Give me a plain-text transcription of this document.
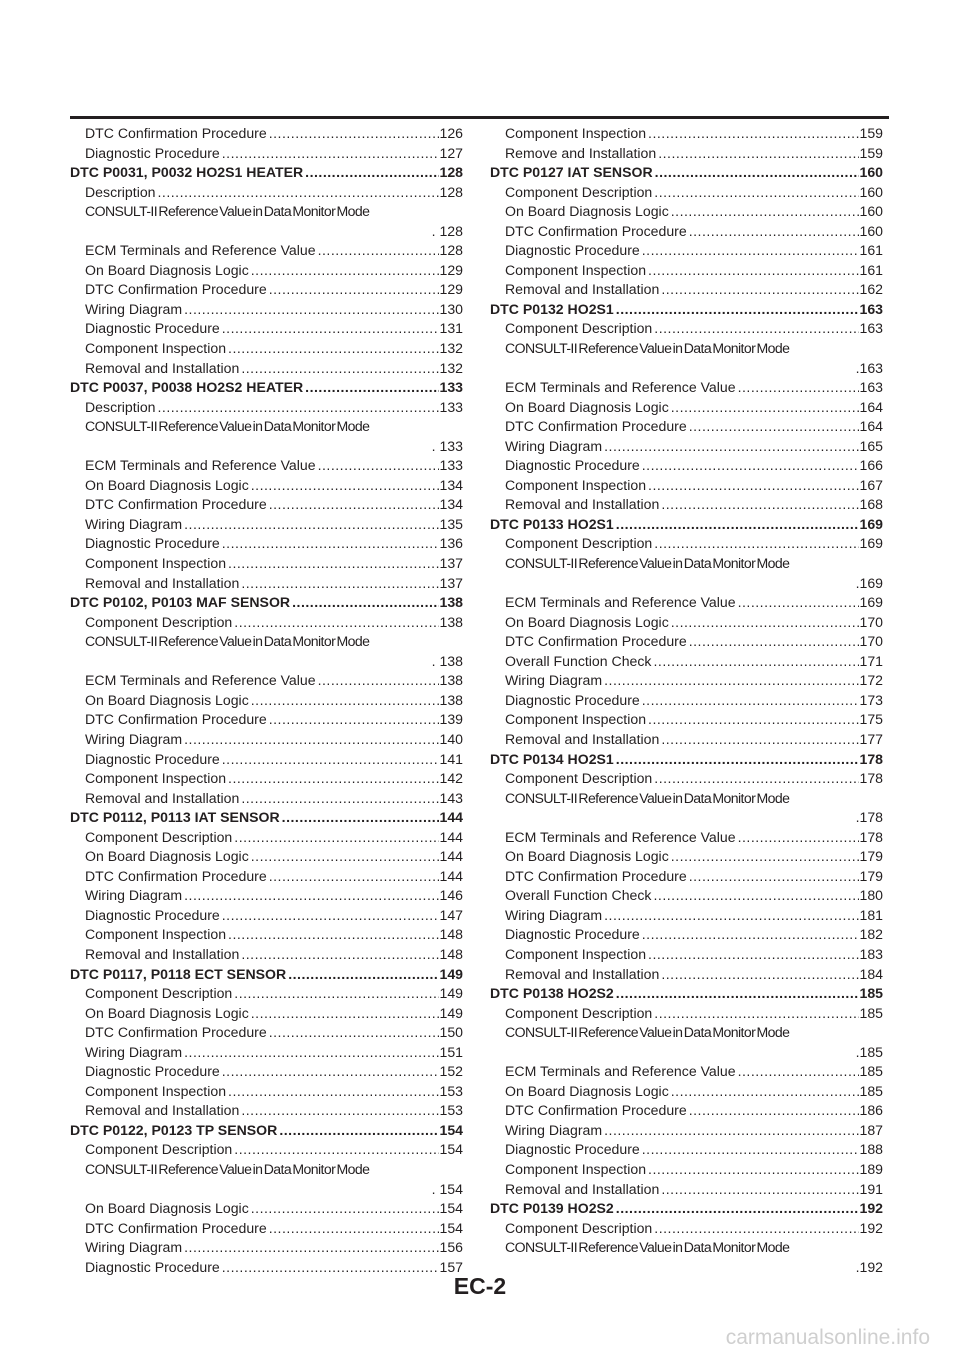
DTC Confirmation Procedure .....	126
Diagnostic Procedure .....	127
DTC P0031, P0032 HO2S1 HEATER .....	128
Description .....	128
CONSULT-II Reference Value in Data Monitor Mode
. 128
ECM Terminals and Reference Value .....	128
On Board Diagnosis Logic .....	129
DTC Confirmation Procedure .....	129
Wiring Diagram .....	130
Diagnostic Procedure .....	131
Component Inspection .....	132
Removal and Installation .....	132
DTC P0037, P0038 HO2S2 HEATER .....	133
Description .....	133
CONSULT-II Reference Value in Data Monitor Mode
. 133
ECM Terminals and Reference Value .....	133
On Board Diagnosis Logic .....	134
DTC Confirmation Procedure .....	134
Wiring Diagram .....	135
Diagnostic Procedure .....	136
Component Inspection .....	137
Removal and Installation .....	137
DTC P0102, P0103 MAF SENSOR .....	138
Component Description .....	138
CONSULT-II Reference Value in Data Monitor Mode
. 138
ECM Terminals and Reference Value .....	138
On Board Diagnosis Logic .....	138
DTC Confirmation Procedure .....	139
Wiring Diagram .....	140
Diagnostic Procedure .....	141
Component Inspection .....	142
Removal and Installation .....	143
DTC P0112, P0113 IAT SENSOR .....	144
Component Description .....	144
On Board Diagnosis Logic .....	144
DTC Confirmation Procedure .....	144
Wiring Diagram .....	146
Diagnostic Procedure .....	147
Component Inspection .....	148
Removal and Installation .....	148
DTC P0117, P0118 ECT SENSOR .....	149
Component Description .....	149
On Board Diagnosis Logic .....	149
DTC Confirmation Procedure .....	150
Wiring Diagram .....	151
Diagnostic Procedure .....	152
Component Inspection .....	153
Removal and Installation .....	153
DTC P0122, P0123 TP SENSOR .....	154
Component Description .....	154
CONSULT-II Reference Value in Data Monitor Mode
. 154
On Board Diagnosis Logic .....	154
DTC Confirmation Procedure .....	154
Wiring Diagram .....	156
Diagnostic Procedure .....	157
Component Inspection .....	159
Remove and Installation .....	159
DTC P0127 IAT SENSOR .....	160
Component Description .....	160
On Board Diagnosis Logic .....	160
DTC Confirmation Procedure .....	160
Diagnostic Procedure .....	161
Component Inspection .....	161
Removal and Installation .....	162
DTC P0132 HO2S1 .....	163
Component Description .....	163
CONSULT-II Reference Value in Data Monitor Mode
.163
ECM Terminals and Reference Value .....	163
On Board Diagnosis Logic .....	164
DTC Confirmation Procedure .....	164
Wiring Diagram .....	165
Diagnostic Procedure .....	166
Component Inspection .....	167
Removal and Installation .....	168
DTC P0133 HO2S1 .....	169
Component Description .....	169
CONSULT-II Reference Value in Data Monitor Mode
.169
ECM Terminals and Reference Value .....	169
On Board Diagnosis Logic .....	170
DTC Confirmation Procedure .....	170
Overall Function Check .....	171
Wiring Diagram .....	172
Diagnostic Procedure .....	173
Component Inspection .....	175
Removal and Installation .....	177
DTC P0134 HO2S1 .....	178
Component Description .....	178
CONSULT-II Reference Value in Data Monitor Mode
.178
ECM Terminals and Reference Value .....	178
On Board Diagnosis Logic .....	179
DTC Confirmation Procedure .....	179
Overall Function Check .....	180
Wiring Diagram .....	181
Diagnostic Procedure .....	182
Component Inspection .....	183
Removal and Installation .....	184
DTC P0138 HO2S2 .....	185
Component Description .....	185
CONSULT-II Reference Value in Data Monitor Mode
.185
ECM Terminals and Reference Value .....	185
On Board Diagnosis Logic .....	185
DTC Confirmation Procedure .....	186
Wiring Diagram .....	187
Diagnostic Procedure .....	188
Component Inspection .....	189
Removal and Installation .....	191
DTC P0139 HO2S2 .....	192
Component Description .....	192
CONSULT-II Reference Value in Data Monitor Mode
.192
EC-2
carmanualsonline.info
